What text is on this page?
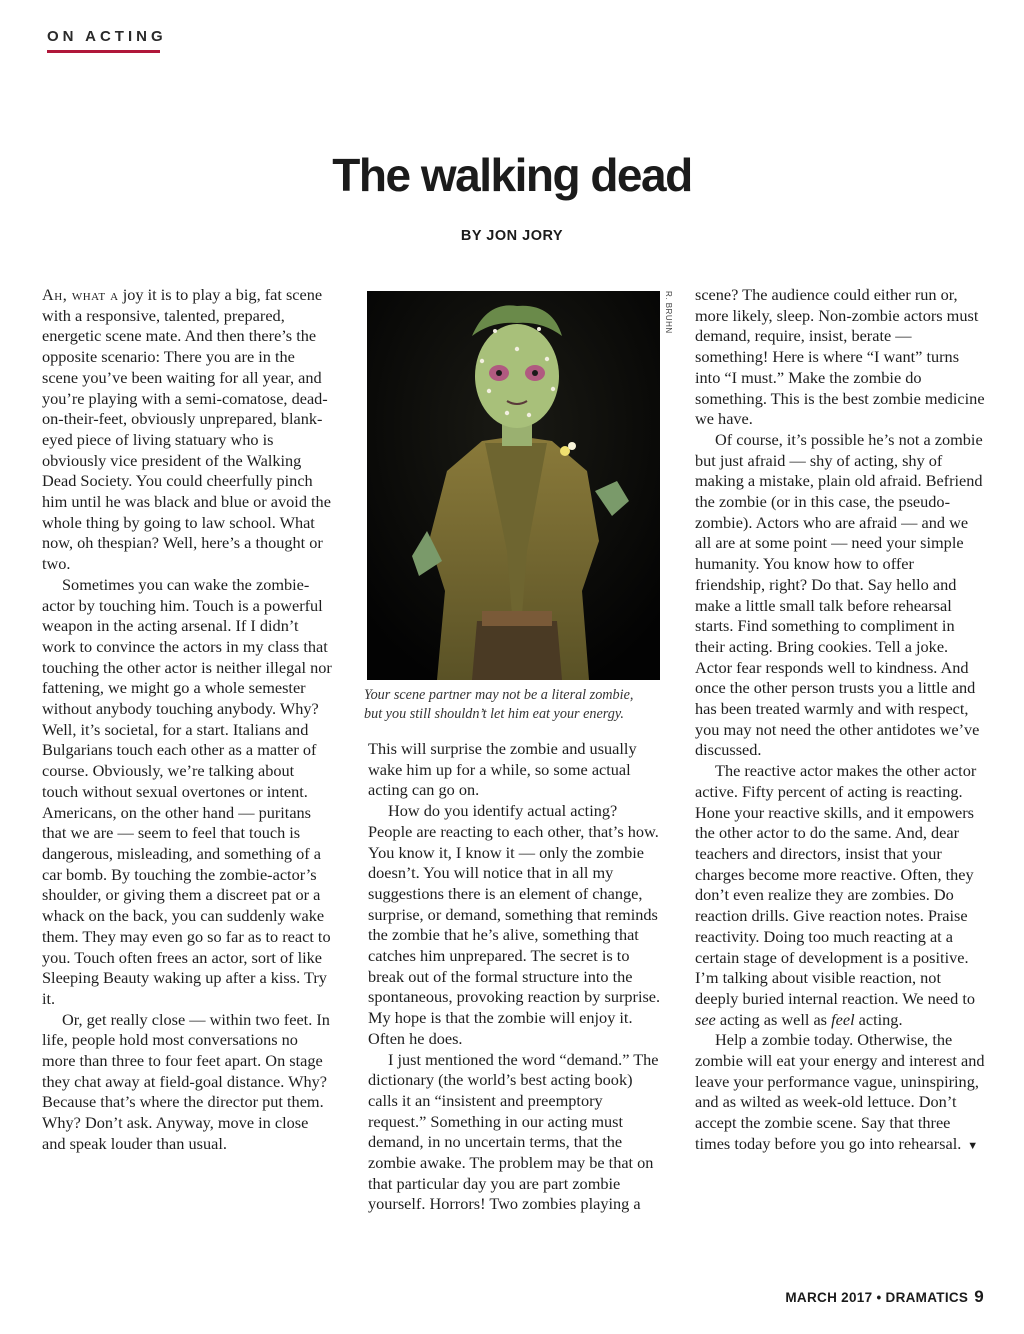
ON ACTING
The walking dead
BY JON JORY

Ah, what a joy it is to play a big, fat scene with a responsive, talented, prepared, energetic scene mate. And then there’s the opposite scenario: There you are in the scene you’ve been waiting for all year, and you’re playing with a semi-comatose, dead-on-their-feet, obviously unprepared, blank-eyed piece of living statuary who is obviously vice president of the Walking Dead Society. You could cheerfully pinch him until he was black and blue or avoid the whole thing by going to law school. What now, oh thespian? Well, here’s a thought or two.

Sometimes you can wake the zombie-actor by touching him. Touch is a powerful weapon in the acting arsenal. If I didn’t work to convince the actors in my class that touching the other actor is neither illegal nor fattening, we might go a whole semester without anybody touching anybody. Why? Well, it’s societal, for a start. Italians and Bulgarians touch each other as a matter of course. Obviously, we’re talking about touch without sexual overtones or intent. Americans, on the other hand — puritans that we are — seem to feel that touch is dangerous, misleading, and something of a car bomb. By touching the zombie-actor’s shoulder, or giving them a discreet pat or a whack on the back, you can suddenly wake them. They may even go so far as to react to you. Touch often frees an actor, sort of like Sleeping Beauty waking up after a kiss. Try it.

Or, get really close — within two feet. In life, people hold most conversations no more than three to four feet apart. On stage they chat away at field-goal distance. Why? Because that’s where the director put them. Why? Don’t ask. Anyway, move in close and speak louder than usual.

R. BRUHN

Your scene partner may not be a literal zombie,

but you still shouldn’t let him eat your energy.

This will surprise the zombie and usually wake him up for a while, so some actual acting can go on.

How do you identify actual acting? People are reacting to each other, that’s how. You know it, I know it — only the zombie doesn’t. You will notice that in all my suggestions there is an element of change, surprise, or demand, something that reminds the zombie that he’s alive, something that catches him unprepared. The secret is to break out of the formal structure into the spontaneous, provoking reaction by surprise. My hope is that the zombie will enjoy it. Often he does.

I just mentioned the word “demand.” The dictionary (the world’s best acting book) calls it an “insistent and preemptory request.” Something in our acting must demand, in no uncertain terms, that the zombie awake. The problem may be that on that particular day you are part zombie yourself. Horrors! Two zombies playing a

scene? The audience could either run or, more likely, sleep. Non-zombie actors must demand, require, insist, berate — something! Here is where “I want” turns into “I must.” Make the zombie do something. This is the best zombie medicine we have.

Of course, it’s possible he’s not a zombie but just afraid — shy of acting, shy of making a mistake, plain old afraid. Befriend the zombie (or in this case, the pseudo-zombie). Actors who are afraid — and we all are at some point — need your simple humanity. You know how to offer friendship, right? Do that. Say hello and make a little small talk before rehearsal starts. Find something to compliment in their acting. Bring cookies. Tell a joke. Actor fear responds well to kindness. And once the other person trusts you a little and has been treated warmly and with respect, you may not need the other antidotes we’ve discussed.

The reactive actor makes the other actor active. Fifty percent of acting is reacting. Hone your reactive skills, and it empowers the other actor to do the same. And, dear teachers and directors, insist that your charges become more reactive. Often, they don’t even realize they are zombies. Do reaction drills. Give reaction notes. Praise reactivity. Doing too much reacting at a certain stage of development is a positive. I’m talking about visible reaction, not deeply buried internal reaction. We need to see acting as well as feel acting.

Help a zombie today. Otherwise, the zombie will eat your energy and interest and leave your performance vague, uninspiring, and as wilted as week-old lettuce. Don’t accept the zombie scene. Say that three times today before you go into rehearsal. ▼

MARCH 2017 • DRAMATICS 9
